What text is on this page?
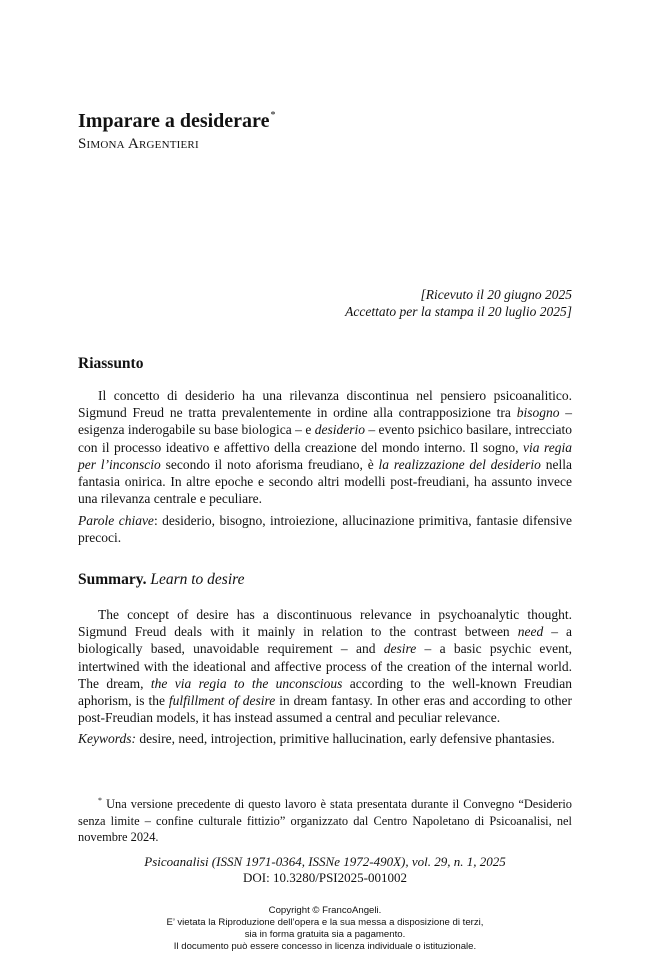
Imparare a desiderare*
Simona Argentieri
[Ricevuto il 20 giugno 2025
Accettato per la stampa il 20 luglio 2025]
Riassunto
Il concetto di desiderio ha una rilevanza discontinua nel pensiero psicoanalitico. Sigmund Freud ne tratta prevalentemente in ordine alla contrapposizione tra bisogno – esigenza inderogabile su base biologica – e desiderio – evento psichico basilare, intrecciato con il processo ideativo e affettivo della creazione del mondo interno. Il sogno, via regia per l’inconscio secondo il noto aforisma freudiano, è la realizzazione del desiderio nella fantasia onirica. In altre epoche e secondo altri modelli post-freudiani, ha assunto invece una rilevanza centrale e peculiare.
Parole chiave: desiderio, bisogno, introiezione, allucinazione primitiva, fantasie difensive precoci.
Summary. Learn to desire
The concept of desire has a discontinuous relevance in psychoanalytic thought. Sigmund Freud deals with it mainly in relation to the contrast between need – a biologically based, unavoidable requirement – and desire – a basic psychic event, intertwined with the ideational and affective process of the creation of the internal world. The dream, the via regia to the unconscious according to the well-known Freudian aphorism, is the fulfillment of desire in dream fantasy. In other eras and according to other post-Freudian models, it has instead assumed a central and peculiar relevance.
Keywords: desire, need, introjection, primitive hallucination, early defensive phantasies.
* Una versione precedente di questo lavoro è stata presentata durante il Convegno “Desiderio senza limite – confine culturale fittizio” organizzato dal Centro Napoletano di Psicoanalisi, nel novembre 2024.
Psicoanalisi (ISSN 1971-0364, ISSNe 1972-490X), vol. 29, n. 1, 2025
DOI: 10.3280/PSI2025-001002
Copyright © FrancoAngeli.
E’ vietata la Riproduzione dell’opera e la sua messa a disposizione di terzi,
sia in forma gratuita sia a pagamento.
Il documento può essere concesso in licenza individuale o istituzionale.
